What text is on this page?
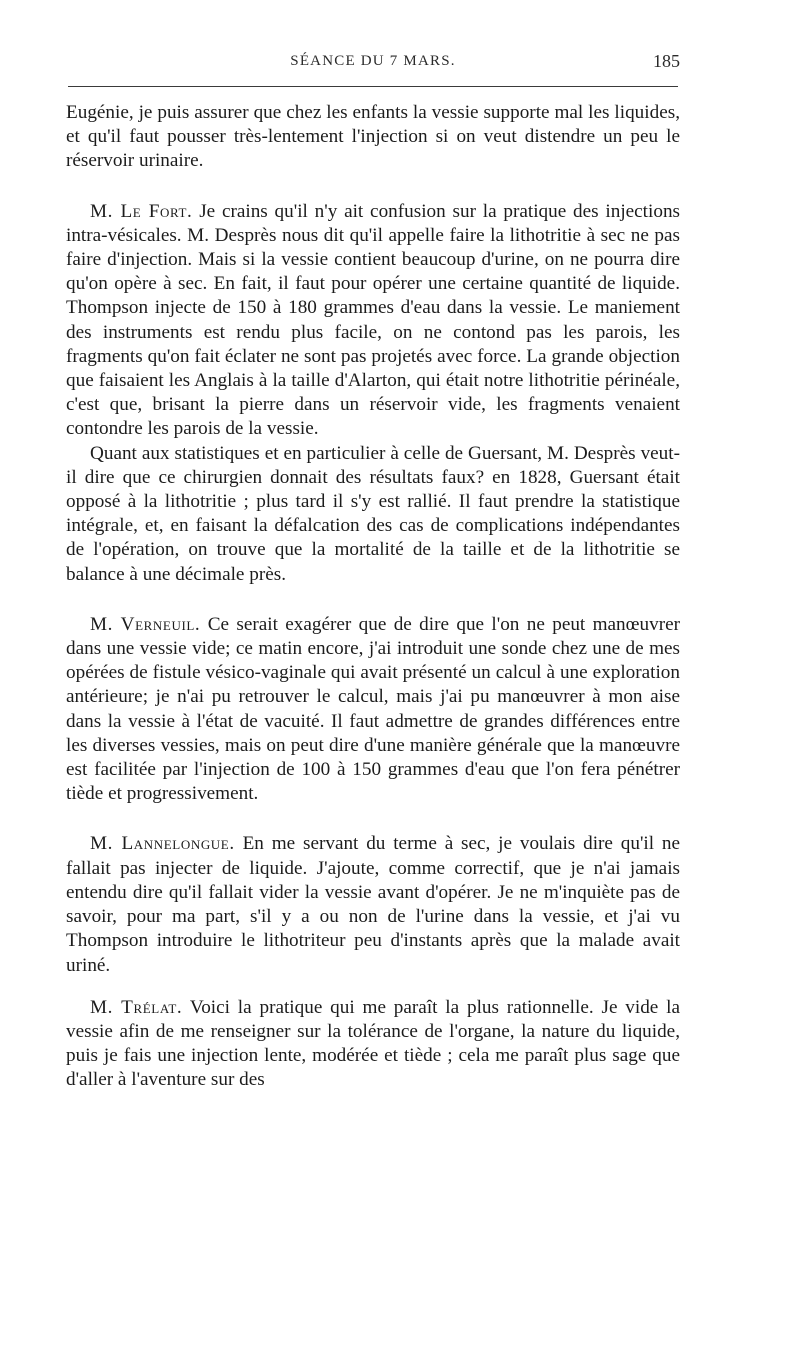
SÉANCE DU 7 MARS.	185

Eugénie, je puis assurer que chez les enfants la vessie supporte mal les liquides, et qu'il faut pousser très-lentement l'injection si on veut distendre un peu le réservoir urinaire.

M. Le Fort. Je crains qu'il n'y ait confusion sur la pratique des injections intra-vésicales. M. Desprès nous dit qu'il appelle faire la lithotritie à sec ne pas faire d'injection. Mais si la vessie contient beaucoup d'urine, on ne pourra dire qu'on opère à sec. En fait, il faut pour opérer une certaine quantité de liquide. Thompson injecte de 150 à 180 grammes d'eau dans la vessie. Le maniement des instruments est rendu plus facile, on ne contond pas les parois, les fragments qu'on fait éclater ne sont pas projetés avec force. La grande objection que faisaient les Anglais à la taille d'Alarton, qui était notre lithotritie périnéale, c'est que, brisant la pierre dans un réservoir vide, les fragments venaient contondre les parois de la vessie.

Quant aux statistiques et en particulier à celle de Guersant, M. Desprès veut-il dire que ce chirurgien donnait des résultats faux? en 1828, Guersant était opposé à la lithotritie ; plus tard il s'y est rallié. Il faut prendre la statistique intégrale, et, en faisant la défalcation des cas de complications indépendantes de l'opération, on trouve que la mortalité de la taille et de la lithotritie se balance à une décimale près.

M. Verneuil. Ce serait exagérer que de dire que l'on ne peut manœuvrer dans une vessie vide; ce matin encore, j'ai introduit une sonde chez une de mes opérées de fistule vésico-vaginale qui avait présenté un calcul à une exploration antérieure; je n'ai pu retrouver le calcul, mais j'ai pu manœuvrer à mon aise dans la vessie à l'état de vacuité. Il faut admettre de grandes différences entre les diverses vessies, mais on peut dire d'une manière générale que la manœuvre est facilitée par l'injection de 100 à 150 grammes d'eau que l'on fera pénétrer tiède et progressivement.

M. Lannelongue. En me servant du terme à sec, je voulais dire qu'il ne fallait pas injecter de liquide. J'ajoute, comme correctif, que je n'ai jamais entendu dire qu'il fallait vider la vessie avant d'opérer. Je ne m'inquiète pas de savoir, pour ma part, s'il y a ou non de l'urine dans la vessie, et j'ai vu Thompson introduire le lithotriteur peu d'instants après que la malade avait uriné.

M. Trélat. Voici la pratique qui me paraît la plus rationnelle. Je vide la vessie afin de me renseigner sur la tolérance de l'organe, la nature du liquide, puis je fais une injection lente, modérée et tiède ; cela me paraît plus sage que d'aller à l'aventure sur des
